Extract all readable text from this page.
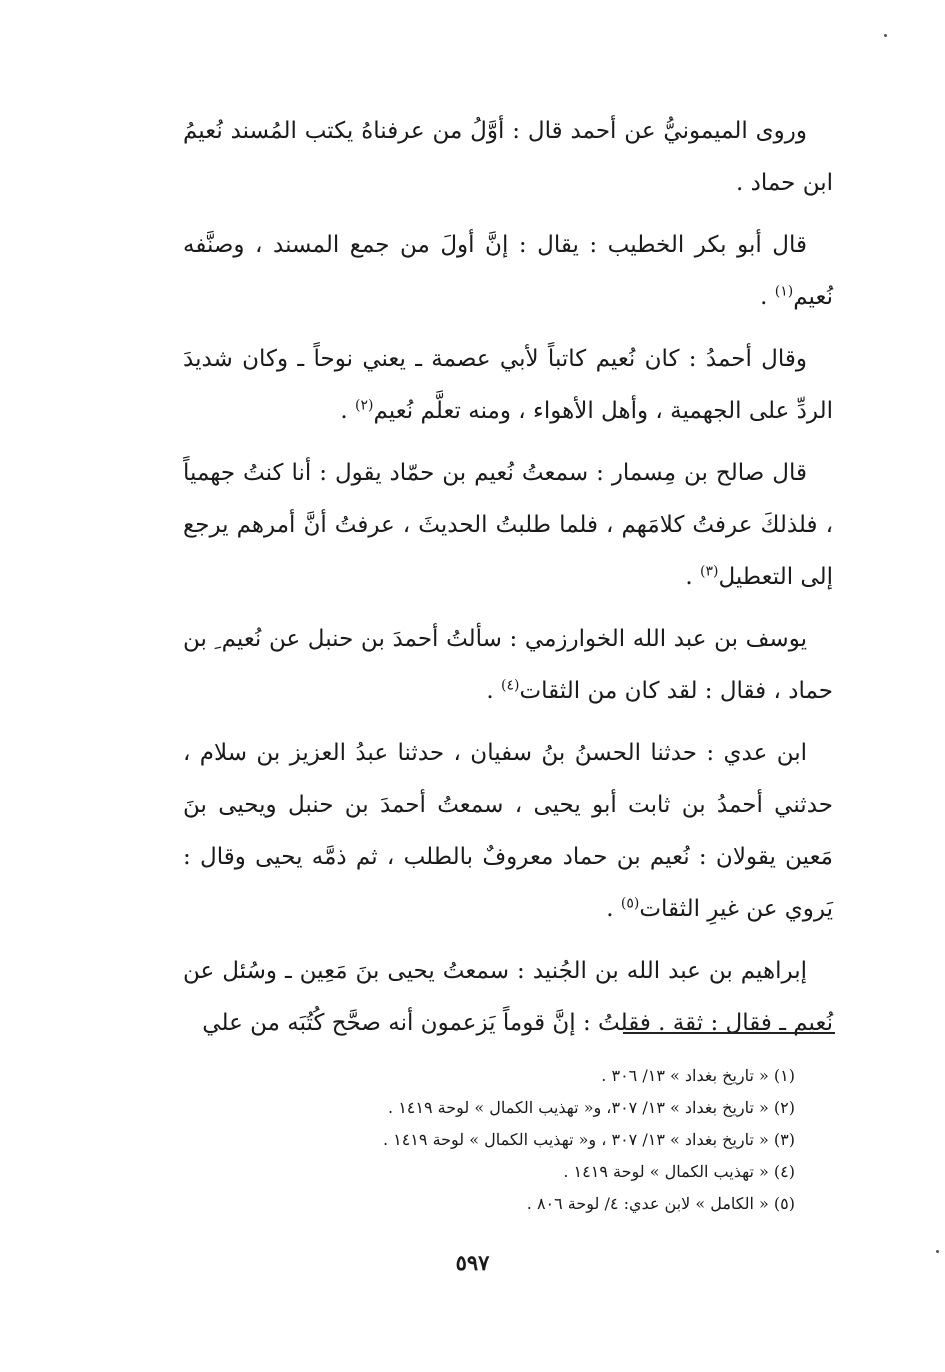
وروى الميمونيُّ عن أحمد قال : أوَّلُ من عرفناهُ يكتب المُسند نُعيمُ ابن حماد .

قال أبو بكر الخطيب : يقال : إنَّ أولَ من جمع المسند ، وصنَّفه نُعيم$^{(١)}$ .

وقال أحمدُ : كان نُعيم كاتباً لأبي عصمة ـ يعني نوحاً ـ وكان شديدَ الردِّ على الجهمية ، وأهل الأهواء ، ومنه تعلَّم نُعيم$^{(٢)}$ .

قال صالح بن مِسمار : سمعتُ نُعيم بن حمّاد يقول : أنا كنتُ جهمياً ، فلذلكَ عرفتُ كلامَهم ، فلما طلبتُ الحديثَ ، عرفتُ أنَّ أمرهم يرجع إلى التعطيل$^{(٣)}$ .

يوسف بن عبد الله الخوارزمي : سألتُ أحمدَ بن حنبل عن نُعيم ِ بن حماد ، فقال : لقد كان من الثقات$^{(٤)}$ .

ابن عدي : حدثنا الحسنُ بنُ سفيان ، حدثنا عبدُ العزيز بن سلام ، حدثني أحمدُ بن ثابت أبو يحيى ، سمعتُ أحمدَ بن حنبل ويحيى بنَ مَعين يقولان : نُعيم بن حماد معروفٌ بالطلب ، ثم ذمَّه يحيى وقال : يَروي عن غيرِ الثقات$^{(٥)}$ .

إبراهيم بن عبد الله بن الجُنيد : سمعتُ يحيى بنَ مَعِين ـ وسُئل عن نُعيم ـ فقال : ثقة . فقلتُ : إنَّ قوماً يَزعمون أنه صحَّح كُتُبَه من علي

(١) « تاريخ بغداد » ١٣/ ٣٠٦ .
(٢) « تاريخ بغداد » ١٣/ ٣٠٧، و« تهذيب الكمال » لوحة ١٤١٩ .
(٣) « تاريخ بغداد » ١٣/ ٣٠٧ ، و« تهذيب الكمال » لوحة ١٤١٩ .
(٤) « تهذيب الكمال » لوحة ١٤١٩ .
(٥) « الكامل » لابن عدي: ٤/ لوحة ٨٠٦ .
٥٩٧
